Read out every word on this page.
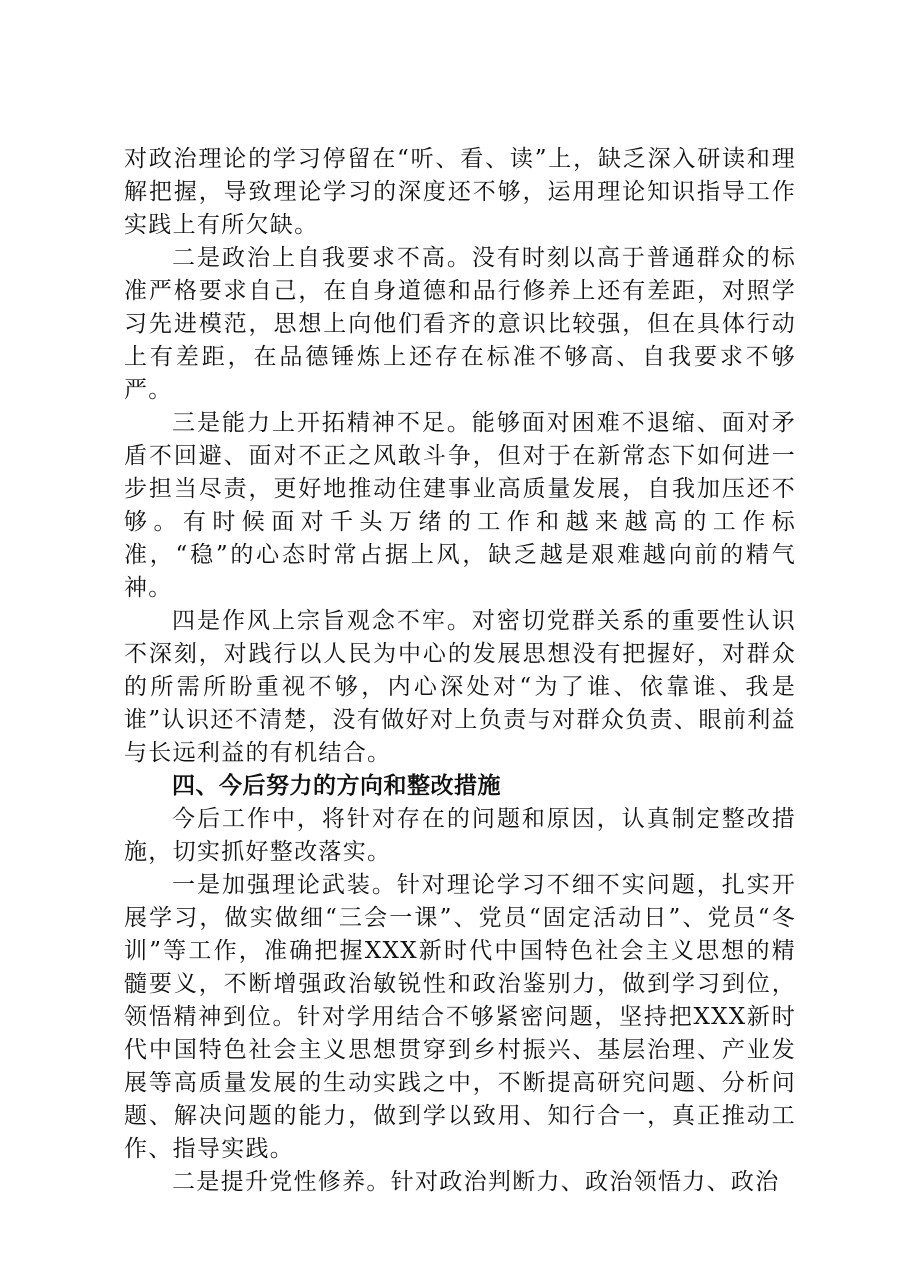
对政治理论的学习停留在“听、看、读”上，缺乏深入研读和理解把握，导致理论学习的深度还不够，运用理论知识指导工作实践上有所欠缺。

二是政治上自我要求不高。没有时刻以高于普通群众的标准严格要求自己，在自身道德和品行修养上还有差距，对照学习先进模范，思想上向他们看齐的意识比较强，但在具体行动上有差距，在品德锤炼上还存在标准不够高、自我要求不够严。

三是能力上开拓精神不足。能够面对困难不退缩、面对矛盾不回避、面对不正之风敢斗争，但对于在新常态下如何进一步担当尽责，更好地推动住建事业高质量发展，自我加压还不够。有时候面对千头万绪的工作和越来越高的工作标准，“稳”的心态时常占据上风，缺乏越是艰难越向前的精气神。

四是作风上宗旨观念不牢。对密切党群关系的重要性认识不深刻，对践行以人民为中心的发展思想没有把握好，对群众的所需所盼重视不够，内心深处对“为了谁、依靠谁、我是谁”认识还不清楚，没有做好对上负责与对群众负责、眼前利益与长远利益的有机结合。

四、今后努力的方向和整改措施

今后工作中，将针对存在的问题和原因，认真制定整改措施，切实抓好整改落实。

一是加强理论武装。针对理论学习不细不实问题，扎实开展学习，做实做细“三会一课”、党员“固定活动日”、党员“冬训”等工作，准确把握XXX新时代中国特色社会主义思想的精髓要义，不断增强政治敏锐性和政治鉴别力，做到学习到位，领悟精神到位。针对学用结合不够紧密问题，坚持把XXX新时代中国特色社会主义思想贯穿到乡村振兴、基层治理、产业发展等高质量发展的生动实践之中，不断提高研究问题、分析问题、解决问题的能力，做到学以致用、知行合一，真正推动工作、指导实践。

二是提升党性修养。针对政治判断力、政治领悟力、政治
